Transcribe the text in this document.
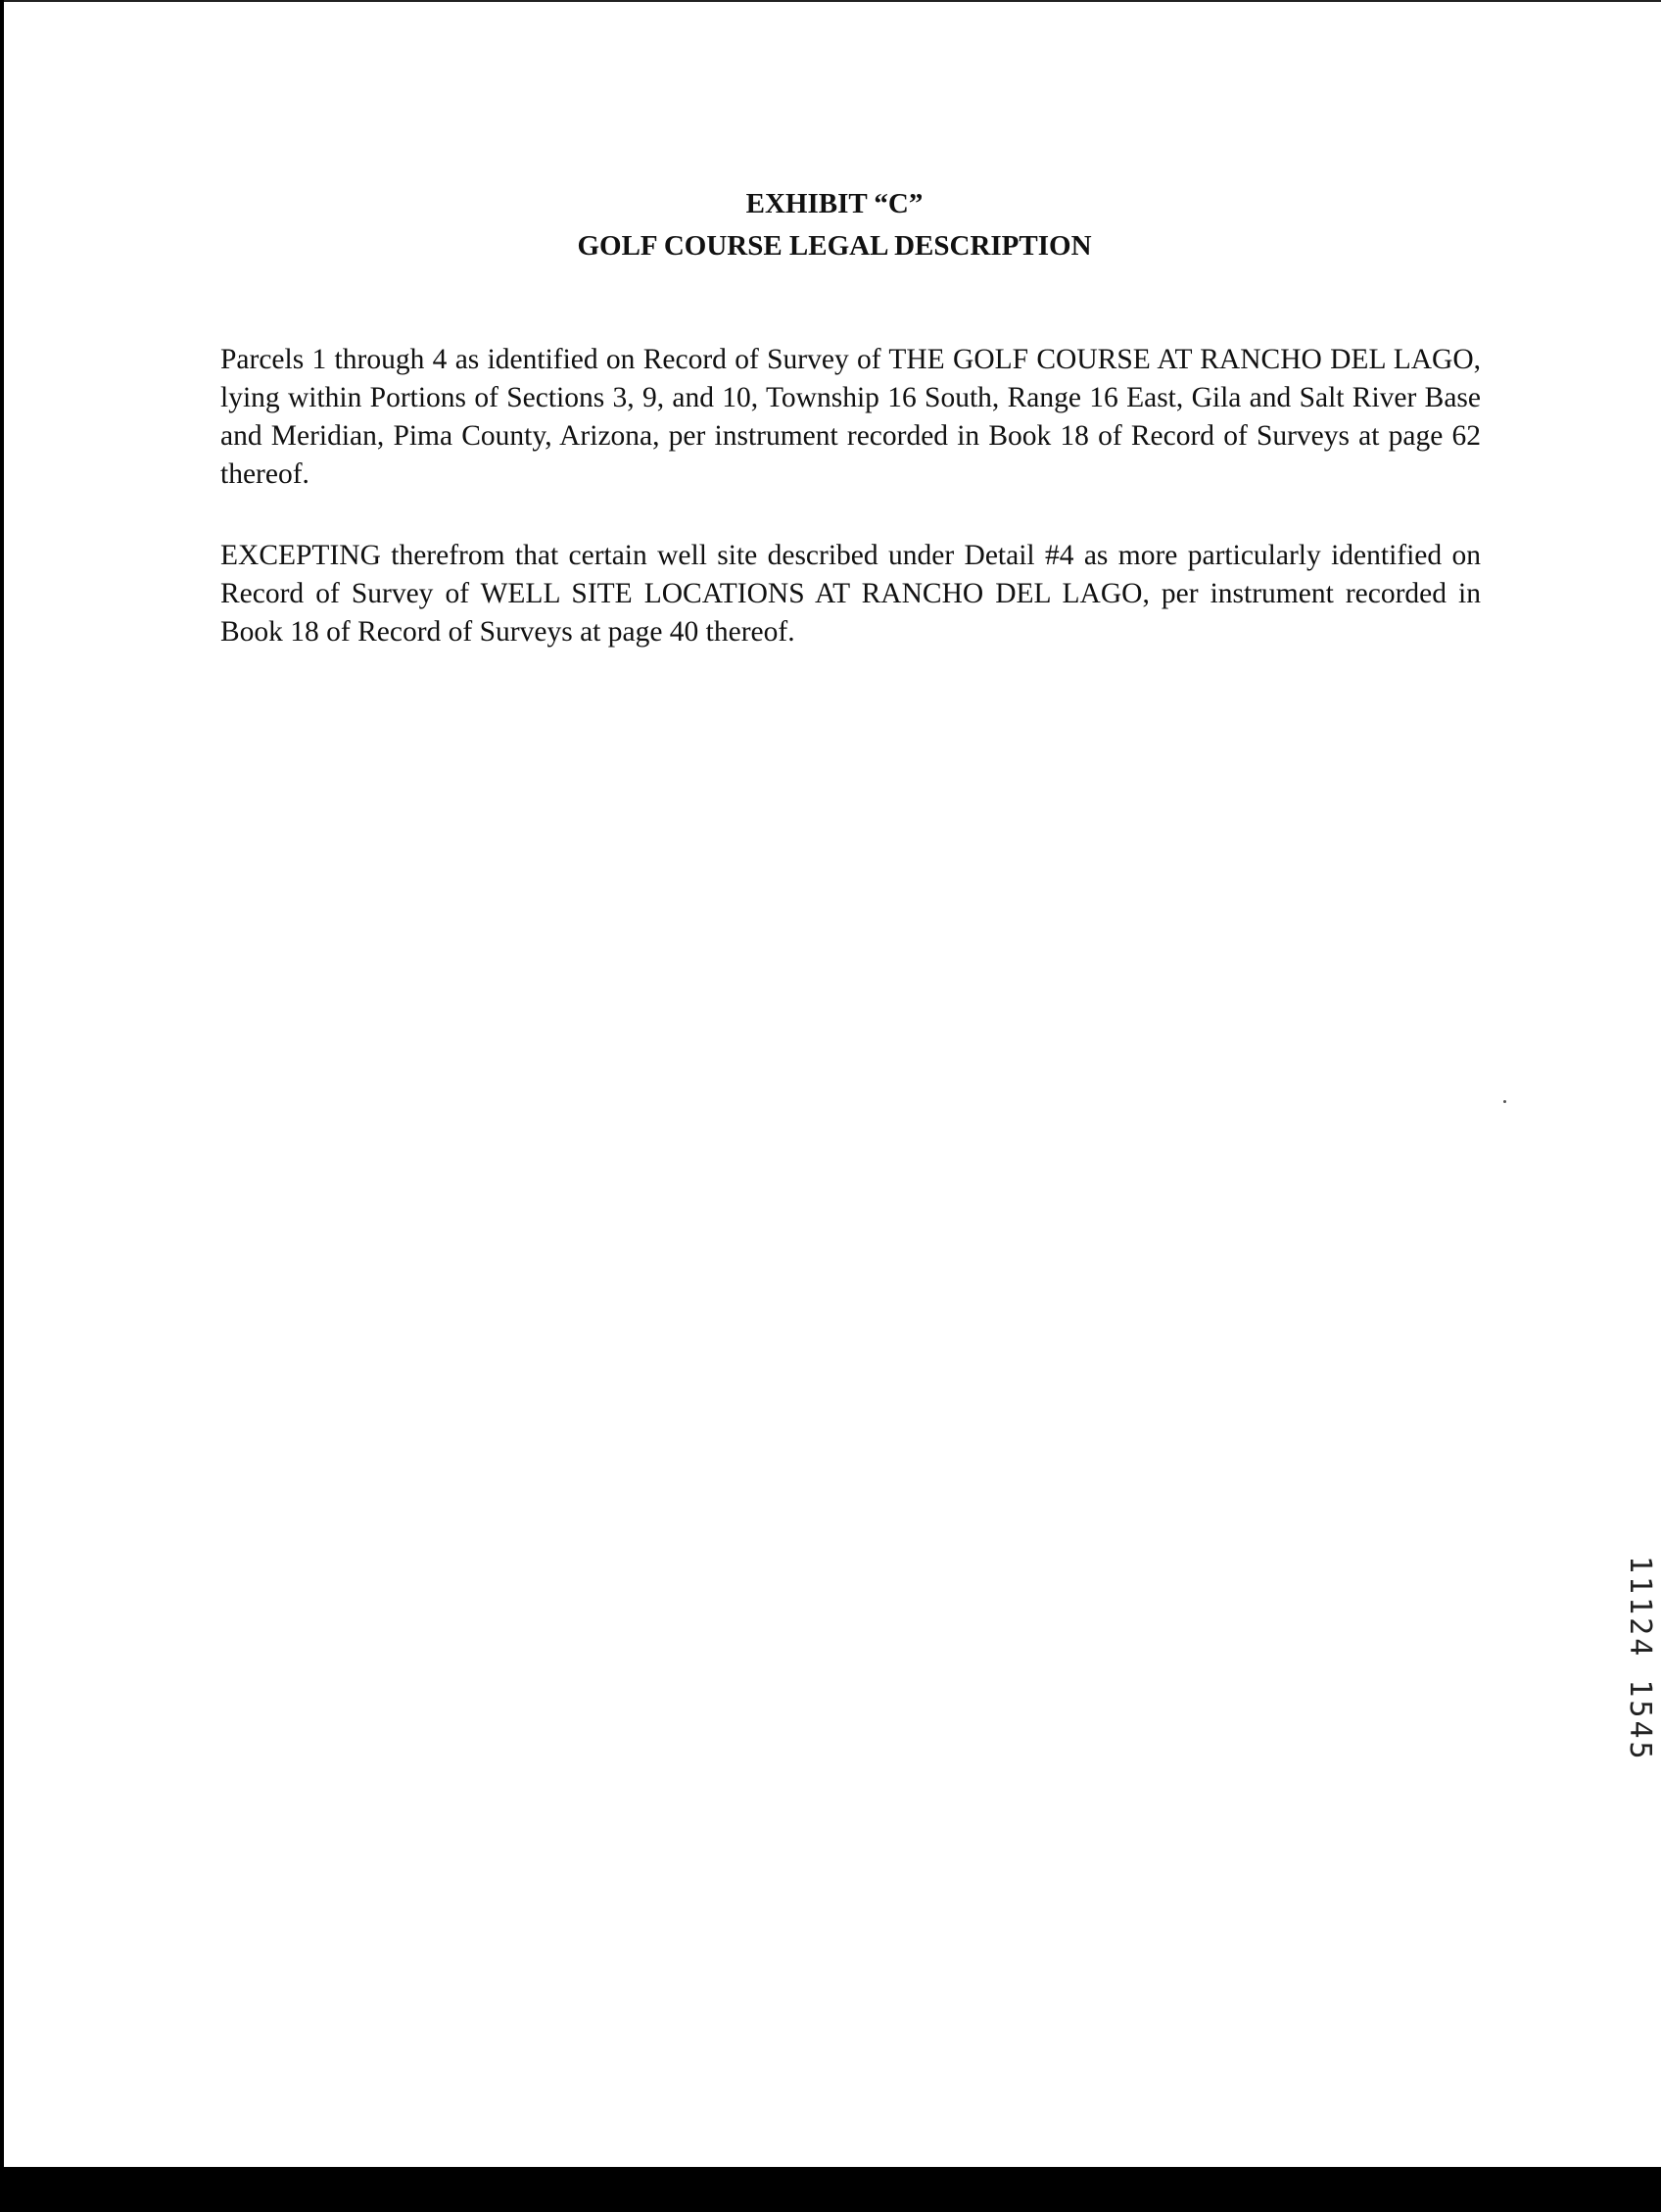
EXHIBIT “C”
GOLF COURSE LEGAL DESCRIPTION

Parcels 1 through 4 as identified on Record of Survey of THE GOLF COURSE AT RANCHO DEL LAGO, lying within Portions of Sections 3, 9, and 10, Township 16 South, Range 16 East, Gila and Salt River Base and Meridian, Pima County, Arizona, per instrument recorded in Book 18 of Record of Surveys at page 62 thereof.

EXCEPTING therefrom that certain well site described under Detail #4 as more particularly identified on Record of Survey of WELL SITE LOCATIONS AT RANCHO DEL LAGO, per instrument recorded in Book 18 of Record of Surveys at page 40 thereof.

11124 1545
